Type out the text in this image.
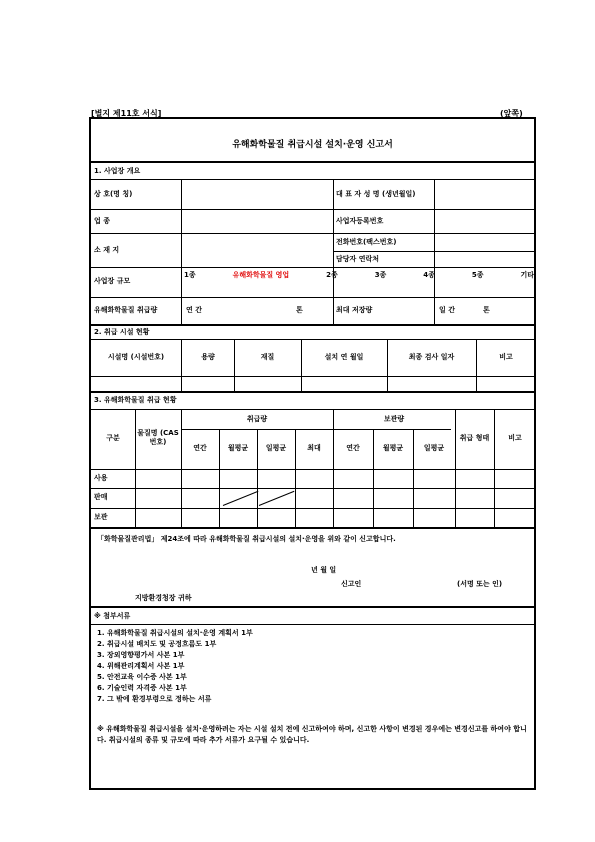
[별지 제11호 서식]	(앞쪽)
유해화학물질 취급시설 설치·운영 신고서
1. 사업장 개요
상 호(명 칭)	대 표 자 성 명 (생년월일)
업 종	사업자등록번호
소 재 지
전화번호(팩스번호)
담당자 연락처
사업장 규모
1종	유해화학물질 영업	2종	3종	4종	5종	기타
유해화학물질 취급량	연 간	톤	최대 저장량	일 간	톤
2. 취급 시설 현황
시설명 (시설번호)	용량	재질	설치 연 월일	최종 검사 일자	비고
3. 유해화학물질 취급 현황
구분
물질명 (CAS 번호)
취급량	보관량
연간	월평균	일평균	최대	연간	월평균	일평균
취급 형태	비고
사용
판매
보관
「화학물질관리법」 제24조에 따라 유해화학물질 취급시설의 설치·운영을 위와 같이 신고합니다.
년 월 일
신고인	(서명 또는 인)
지방환경청장 귀하
※ 첨부서류
1. 유해화학물질 취급시설의 설치·운영 계획서 1부
2. 취급시설 배치도 및 공정흐름도 1부
3. 장외영향평가서 사본 1부
4. 위해관리계획서 사본 1부
5. 안전교육 이수증 사본 1부
6. 기술인력 자격증 사본 1부
7. 그 밖에 환경부령으로 정하는 서류
※ 유해화학물질 취급시설을 설치·운영하려는 자는 시설 설치 전에 신고하여야 하며, 신고한 사항이 변경된 경우에는 변경신고를 하여야 합니다. 취급시설의 종류 및 규모에 따라 추가 서류가 요구될 수 있습니다.
